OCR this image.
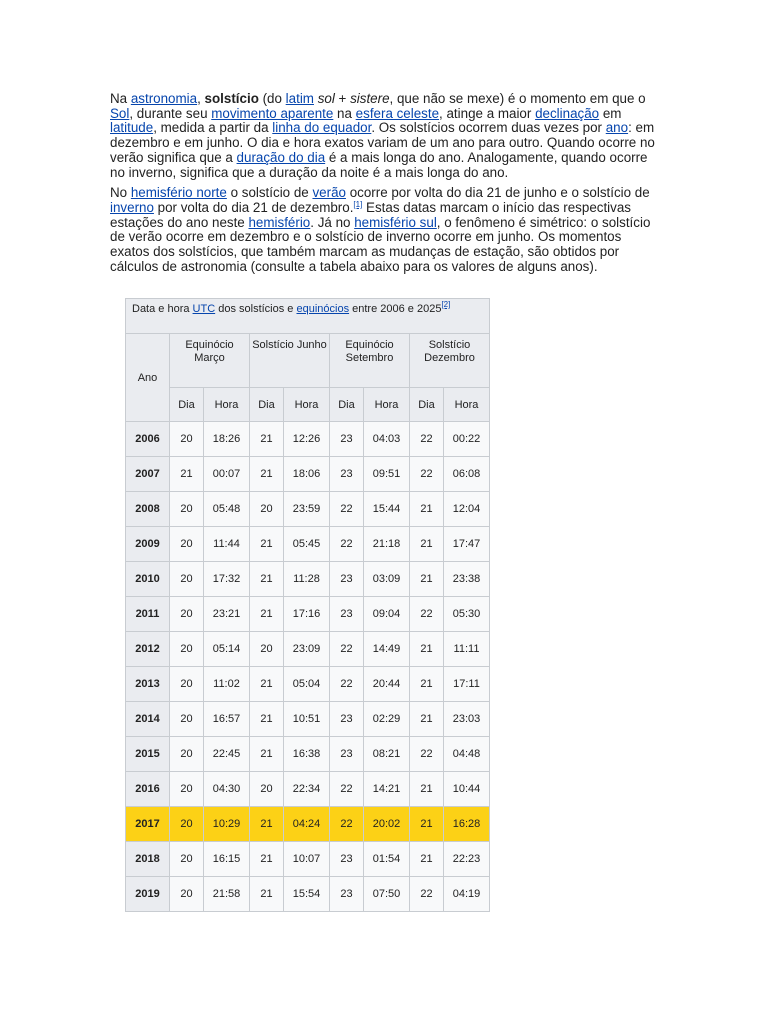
Na astronomia, solstício (do latim sol + sistere, que não se mexe) é o momento em que o Sol, durante seu movimento aparente na esfera celeste, atinge a maior declinação em latitude, medida a partir da linha do equador. Os solstícios ocorrem duas vezes por ano: em dezembro e em junho. O dia e hora exatos variam de um ano para outro. Quando ocorre no verão significa que a duração do dia é a mais longa do ano. Analogamente, quando ocorre no inverno, significa que a duração da noite é a mais longa do ano.

No hemisfério norte o solstício de verão ocorre por volta do dia 21 de junho e o solstício de inverno por volta do dia 21 de dezembro.[1] Estas datas marcam o início das respectivas estações do ano neste hemisfério. Já no hemisfério sul, o fenômeno é simétrico: o solstício de verão ocorre em dezembro e o solstício de inverno ocorre em junho. Os momentos exatos dos solstícios, que também marcam as mudanças de estação, são obtidos por cálculos de astronomia (consulte a tabela abaixo para os valores de alguns anos).

Data e hora UTC dos solstícios e equinócios entre 2006 e 2025[2]
Ano	Equinócio Março		Solstício Junho		Equinócio Setembro		Solstício Dezembro	
	Dia	Hora	Dia	Hora	Dia	Hora	Dia	Hora
2006	20	18:26	21	12:26	23	04:03	22	00:22
2007	21	00:07	21	18:06	23	09:51	22	06:08
2008	20	05:48	20	23:59	22	15:44	21	12:04
2009	20	11:44	21	05:45	22	21:18	21	17:47
2010	20	17:32	21	11:28	23	03:09	21	23:38
2011	20	23:21	21	17:16	23	09:04	22	05:30
2012	20	05:14	20	23:09	22	14:49	21	11:11
2013	20	11:02	21	05:04	22	20:44	21	17:11
2014	20	16:57	21	10:51	23	02:29	21	23:03
2015	20	22:45	21	16:38	23	08:21	22	04:48
2016	20	04:30	20	22:34	22	14:21	21	10:44
2017	20	10:29	21	04:24	22	20:02	21	16:28
2018	20	16:15	21	10:07	23	01:54	21	22:23
2019	20	21:58	21	15:54	23	07:50	22	04:19
